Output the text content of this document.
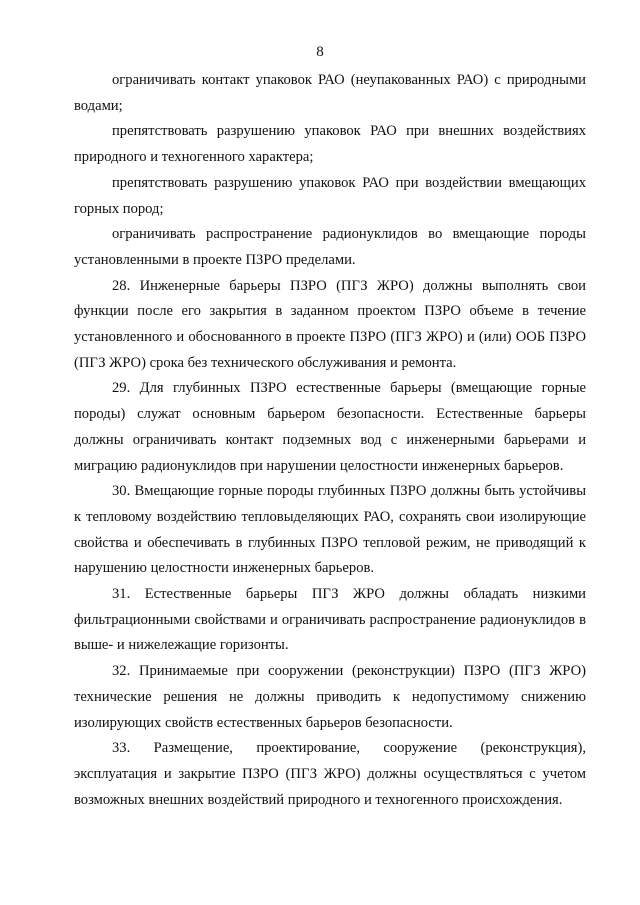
8

ограничивать контакт упаковок РАО (неупакованных РАО) с природными водами;

препятствовать разрушению упаковок РАО при внешних воздействиях природного и техногенного характера;

препятствовать разрушению упаковок РАО при воздействии вмещающих горных пород;

ограничивать распространение радионуклидов во вмещающие породы установленными в проекте ПЗРО пределами.

28. Инженерные барьеры ПЗРО (ПГЗ ЖРО) должны выполнять свои функции после его закрытия в заданном проектом ПЗРО объеме в течение установленного и обоснованного в проекте ПЗРО (ПГЗ ЖРО) и (или) ООБ ПЗРО (ПГЗ ЖРО) срока без технического обслуживания и ремонта.

29. Для глубинных ПЗРО естественные барьеры (вмещающие горные породы) служат основным барьером безопасности. Естественные барьеры должны ограничивать контакт подземных вод с инженерными барьерами и миграцию радионуклидов при нарушении целостности инженерных барьеров.

30. Вмещающие горные породы глубинных ПЗРО должны быть устойчивы к тепловому воздействию тепловыделяющих РАО, сохранять свои изолирующие свойства и обеспечивать в глубинных ПЗРО тепловой режим, не приводящий к нарушению целостности инженерных барьеров.

31. Естественные барьеры ПГЗ ЖРО должны обладать низкими фильтрационными свойствами и ограничивать распространение радионуклидов в выше- и нижележащие горизонты.

32. Принимаемые при сооружении (реконструкции) ПЗРО (ПГЗ ЖРО) технические решения не должны приводить к недопустимому снижению изолирующих свойств естественных барьеров безопасности.

33. Размещение, проектирование, сооружение (реконструкция), эксплуатация и закрытие ПЗРО (ПГЗ ЖРО) должны осуществляться с учетом возможных внешних воздействий природного и техногенного происхождения.
